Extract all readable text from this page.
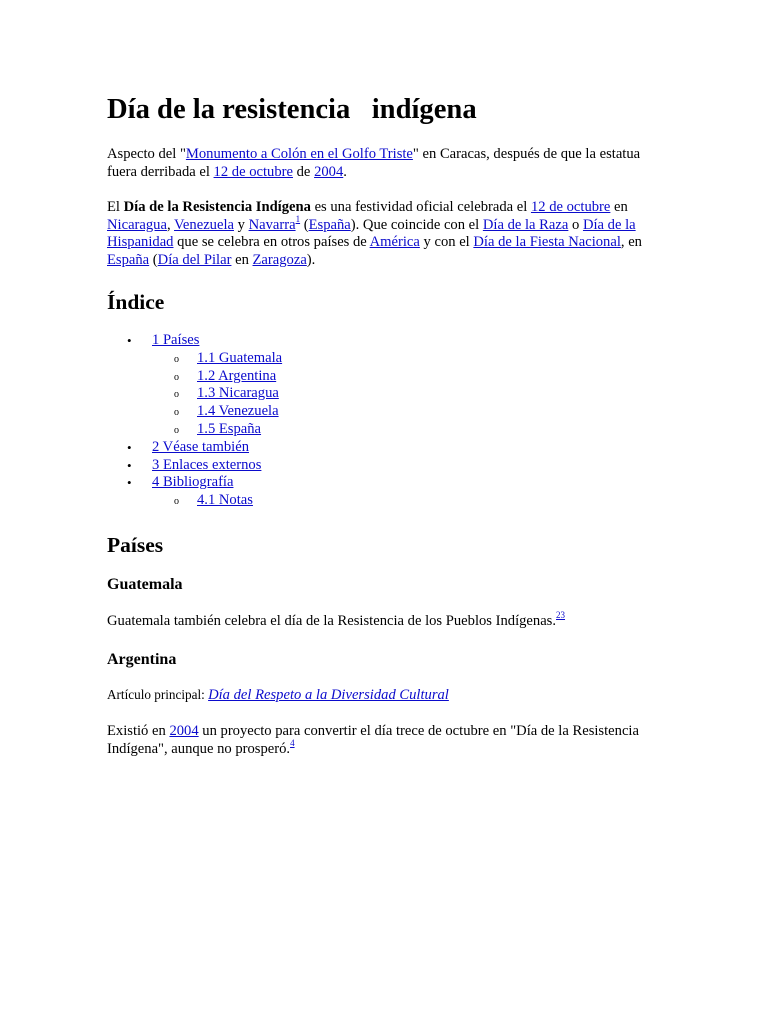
Día de la resistencia   indígena

Aspecto del "Monumento a Colón en el Golfo Triste" en Caracas, después de que la estatua fuera derribada el 12 de octubre de 2004.

El Día de la Resistencia Indígena es una festividad oficial celebrada el 12 de octubre en Nicaragua, Venezuela y Navarra$^1$ (España). Que coincide con el Día de la Raza o Día de la Hispanidad que se celebra en otros países de América y con el Día de la Fiesta Nacional, en España (Día del Pilar en Zaragoza).

Índice
• 1 Países
o 1.1 Guatemala
o 1.2 Argentina
o 1.3 Nicaragua
o 1.4 Venezuela
o 1.5 España
• 2 Véase también
• 3 Enlaces externos
• 4 Bibliografía
o 4.1 Notas
Países
Guatemala

Guatemala también celebra el día de la Resistencia de los Pueblos Indígenas.$^{23}$

Argentina

Artículo principal: Día del Respeto a la Diversidad Cultural

Existió en 2004 un proyecto para convertir el día trece de octubre en "Día de la Resistencia Indígena", aunque no prosperó.$^4$
